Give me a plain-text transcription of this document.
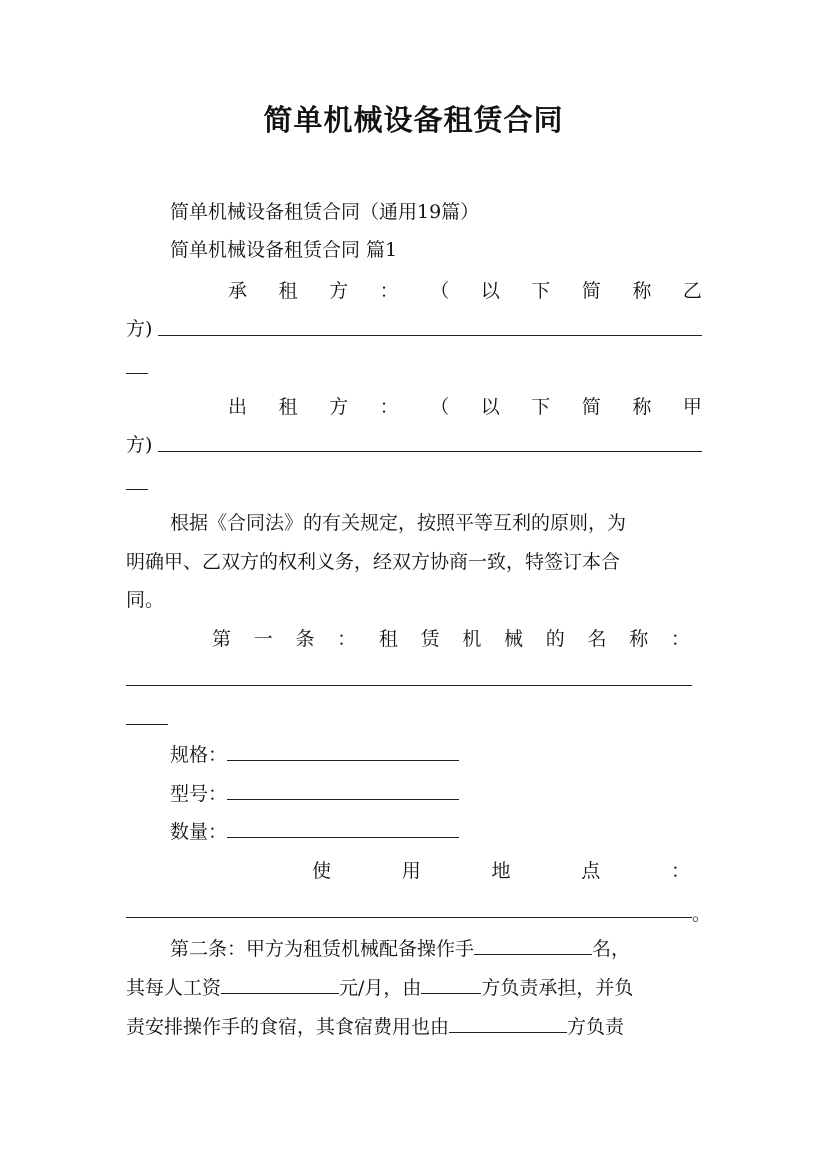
简单机械设备租赁合同
简单机械设备租赁合同（通用19篇）
简单机械设备租赁合同 篇1
承 租 方 ： （ 以 下 简 称 乙
方)
出 租 方 ： （ 以 下 简 称 甲
方)
根据《合同法》的有关规定，按照平等互利的原则，为
明确甲、乙双方的权利义务，经双方协商一致，特签订本合
同。
第 一 条 ： 租 赁 机 械 的 名 称 ：
规格：
型号：
数量：
使	用	地	点	：
。
第二条：甲方为租赁机械配备操作手	名，
其每人工资	元/月，由	方负责承担，并负
责安排操作手的食宿，其食宿费用也由	方负责
